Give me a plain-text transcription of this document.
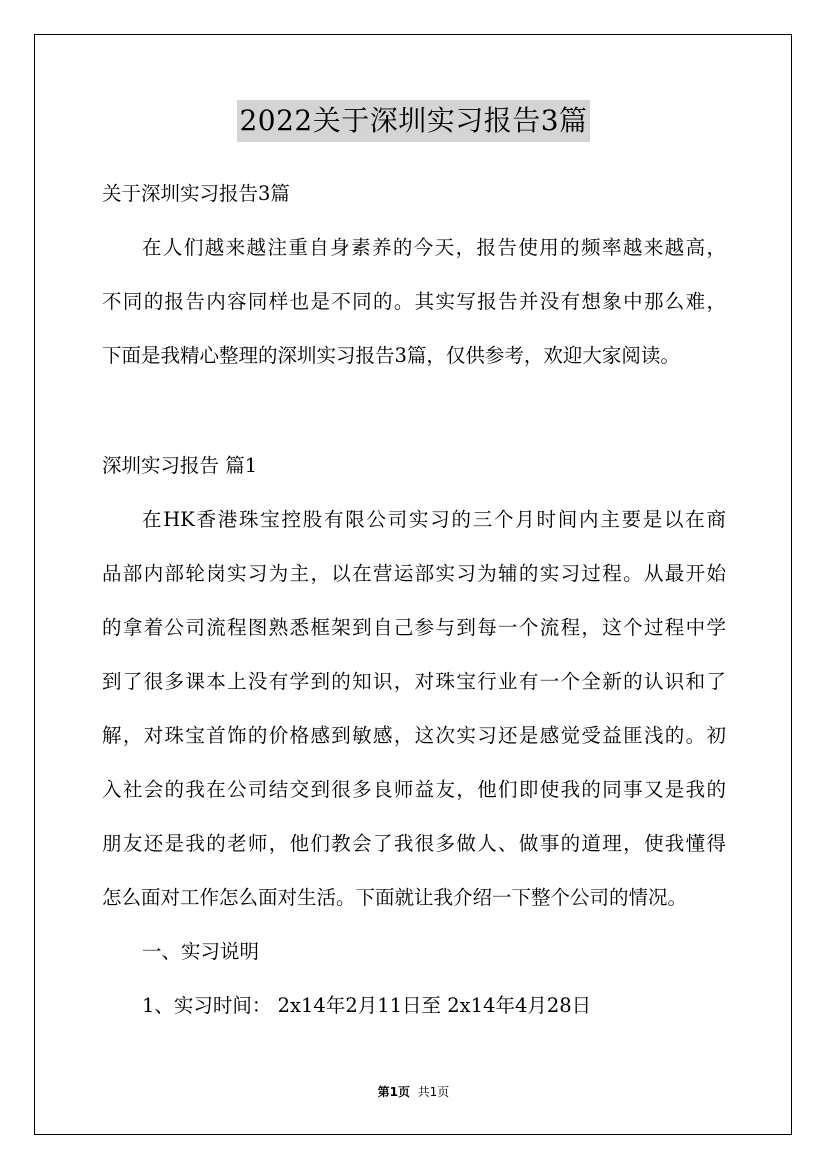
2022关于深圳实习报告3篇
关于深圳实习报告3篇
在人们越来越注重自身素养的今天，报告使用的频率越来越高，
不同的报告内容同样也是不同的。其实写报告并没有想象中那么难，
下面是我精心整理的深圳实习报告3篇，仅供参考，欢迎大家阅读。
深圳实习报告 篇1
在HK香港珠宝控股有限公司实习的三个月时间内主要是以在商
品部内部轮岗实习为主，以在营运部实习为辅的实习过程。从最开始
的拿着公司流程图熟悉框架到自己参与到每一个流程，这个过程中学
到了很多课本上没有学到的知识，对珠宝行业有一个全新的认识和了
解，对珠宝首饰的价格感到敏感，这次实习还是感觉受益匪浅的。初
入社会的我在公司结交到很多良师益友，他们即使我的同事又是我的
朋友还是我的老师，他们教会了我很多做人、做事的道理，使我懂得
怎么面对工作怎么面对生活。下面就让我介绍一下整个公司的情况。
一、实习说明
1、实习时间： 2x14年2月11日至 2x14年4月28日
第1页 共1页
